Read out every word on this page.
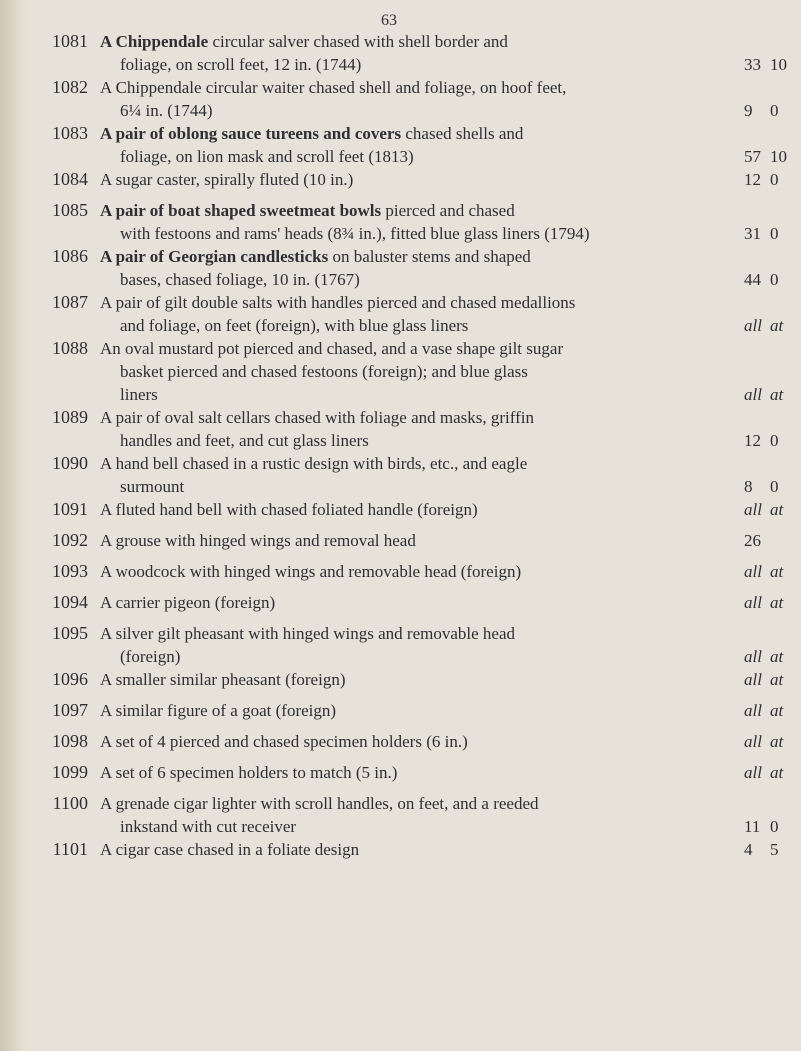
63
1081 A Chippendale circular salver chased with shell border and
foliage, on scroll feet, 12 in. (1744)	33 10
1082 A Chippendale circular waiter chased shell and foliage, on hoof feet,
6¼ in. (1744)	9 0
1083 A pair of oblong sauce tureens and covers chased shells and
foliage, on lion mask and scroll feet (1813)	57 10
1084 A sugar caster, spirally fluted (10 in.)	12 0
1085 A pair of boat shaped sweetmeat bowls pierced and chased
with festoons and rams' heads (8¾ in.), fitted blue glass liners (1794)	31 0
1086 A pair of Georgian candlesticks on baluster stems and shaped
bases, chased foliage, 10 in. (1767)	44 0
1087 A pair of gilt double salts with handles pierced and chased medallions
and foliage, on feet (foreign), with blue glass liners	all at
1088 An oval mustard pot pierced and chased, and a vase shape gilt sugar
basket pierced and chased festoons (foreign); and blue glass
liners	all at
1089 A pair of oval salt cellars chased with foliage and masks, griffin
handles and feet, and cut glass liners	12 0
1090 A hand bell chased in a rustic design with birds, etc., and eagle
surmount	8 0
1091 A fluted hand bell with chased foliated handle (foreign)	all at
1092 A grouse with hinged wings and removal head	26
1093 A woodcock with hinged wings and removable head (foreign)	all at
1094 A carrier pigeon (foreign)	all at
1095 A silver gilt pheasant with hinged wings and removable head
(foreign)	all at
1096 A smaller similar pheasant (foreign)	all at
1097 A similar figure of a goat (foreign)	all at
1098 A set of 4 pierced and chased specimen holders (6 in.)	all at
1099 A set of 6 specimen holders to match (5 in.)	all at
1100 A grenade cigar lighter with scroll handles, on feet, and a reeded
inkstand with cut receiver	11 0
1101 A cigar case chased in a foliate design	4 5
